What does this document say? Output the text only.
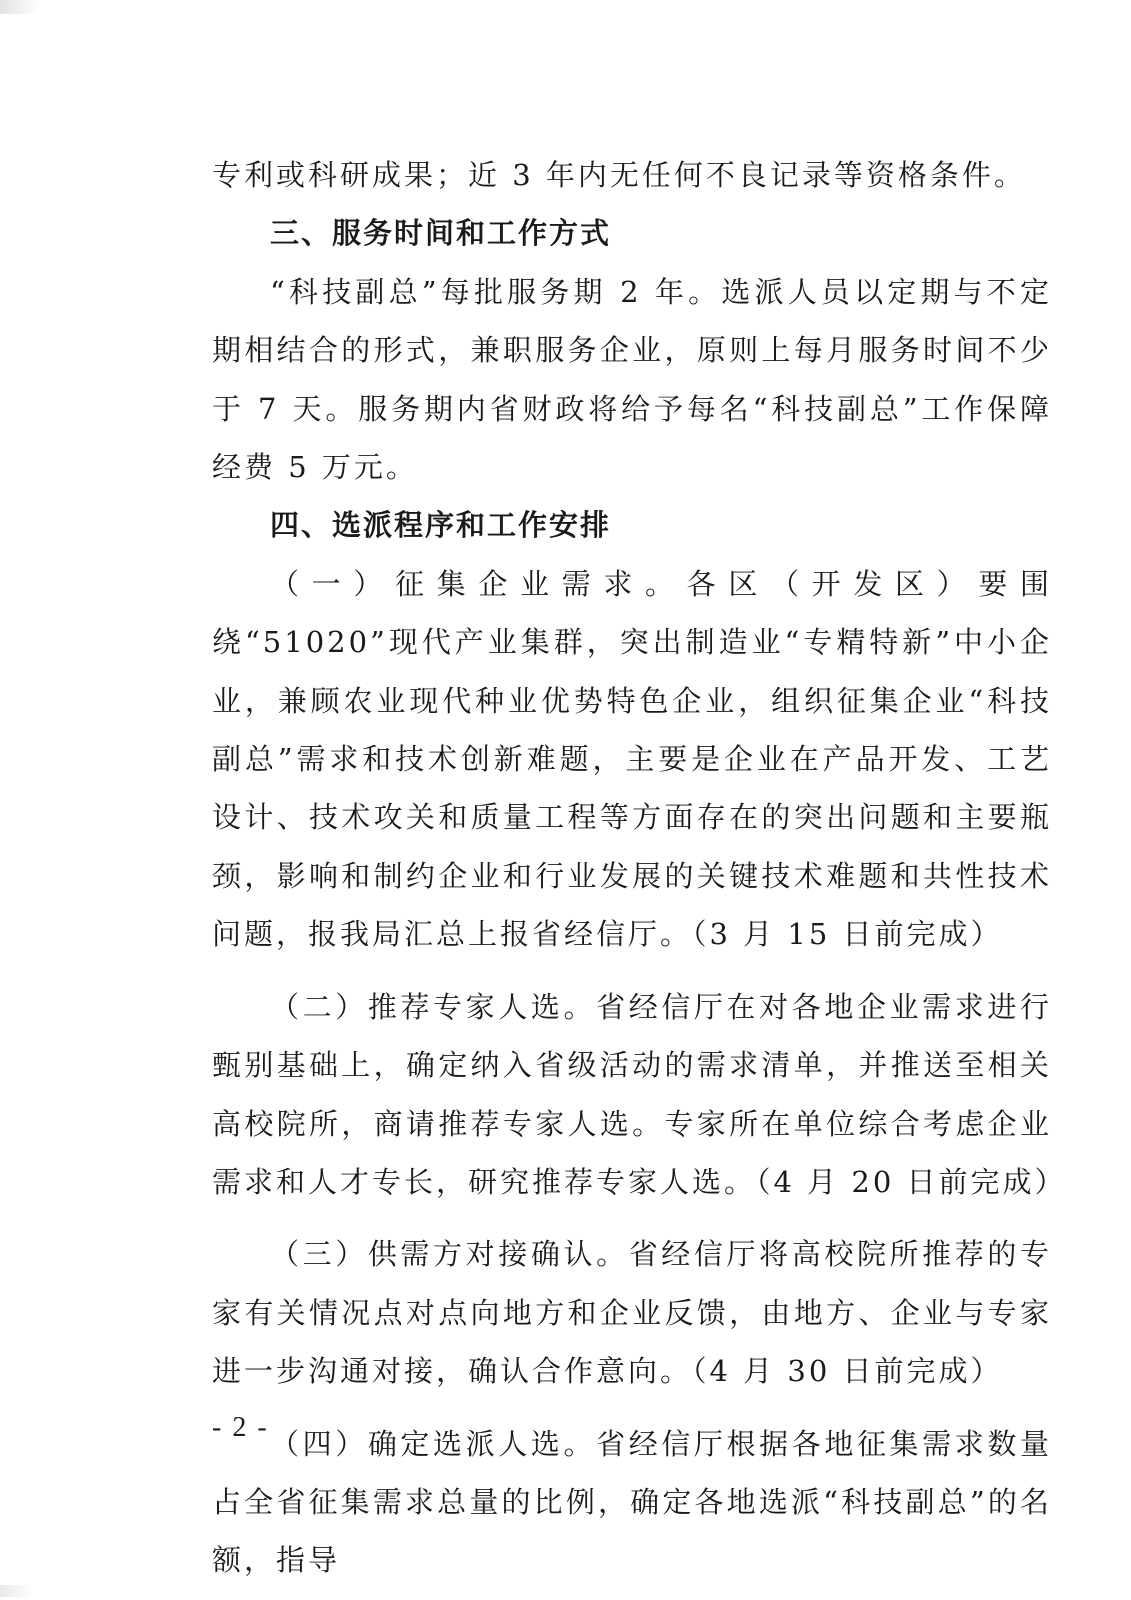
专利或科研成果；近 3 年内无任何不良记录等资格条件。

三、服务时间和工作方式

“科技副总”每批服务期 2 年。选派人员以定期与不定期相结合的形式，兼职服务企业，原则上每月服务时间不少于 7 天。服务期内省财政将给予每名“科技副总”工作保障经费 5 万元。

四、选派程序和工作安排

（一）征集企业需求。各区（开发区）要围绕“51020”现代产业集群，突出制造业“专精特新”中小企业，兼顾农业现代种业优势特色企业，组织征集企业“科技副总”需求和技术创新难题，主要是企业在产品开发、工艺设计、技术攻关和质量工程等方面存在的突出问题和主要瓶颈，影响和制约企业和行业发展的关键技术难题和共性技术问题，报我局汇总上报省经信厅。（3 月 15 日前完成）

（二）推荐专家人选。省经信厅在对各地企业需求进行甄别基础上，确定纳入省级活动的需求清单，并推送至相关高校院所，商请推荐专家人选。专家所在单位综合考虑企业需求和人才专长，研究推荐专家人选。（4 月 20 日前完成）

（三）供需方对接确认。省经信厅将高校院所推荐的专家有关情况点对点向地方和企业反馈，由地方、企业与专家进一步沟通对接，确认合作意向。（4 月 30 日前完成）

（四）确定选派人选。省经信厅根据各地征集需求数量占全省征集需求总量的比例，确定各地选派“科技副总”的名额，指导

- 2 -
